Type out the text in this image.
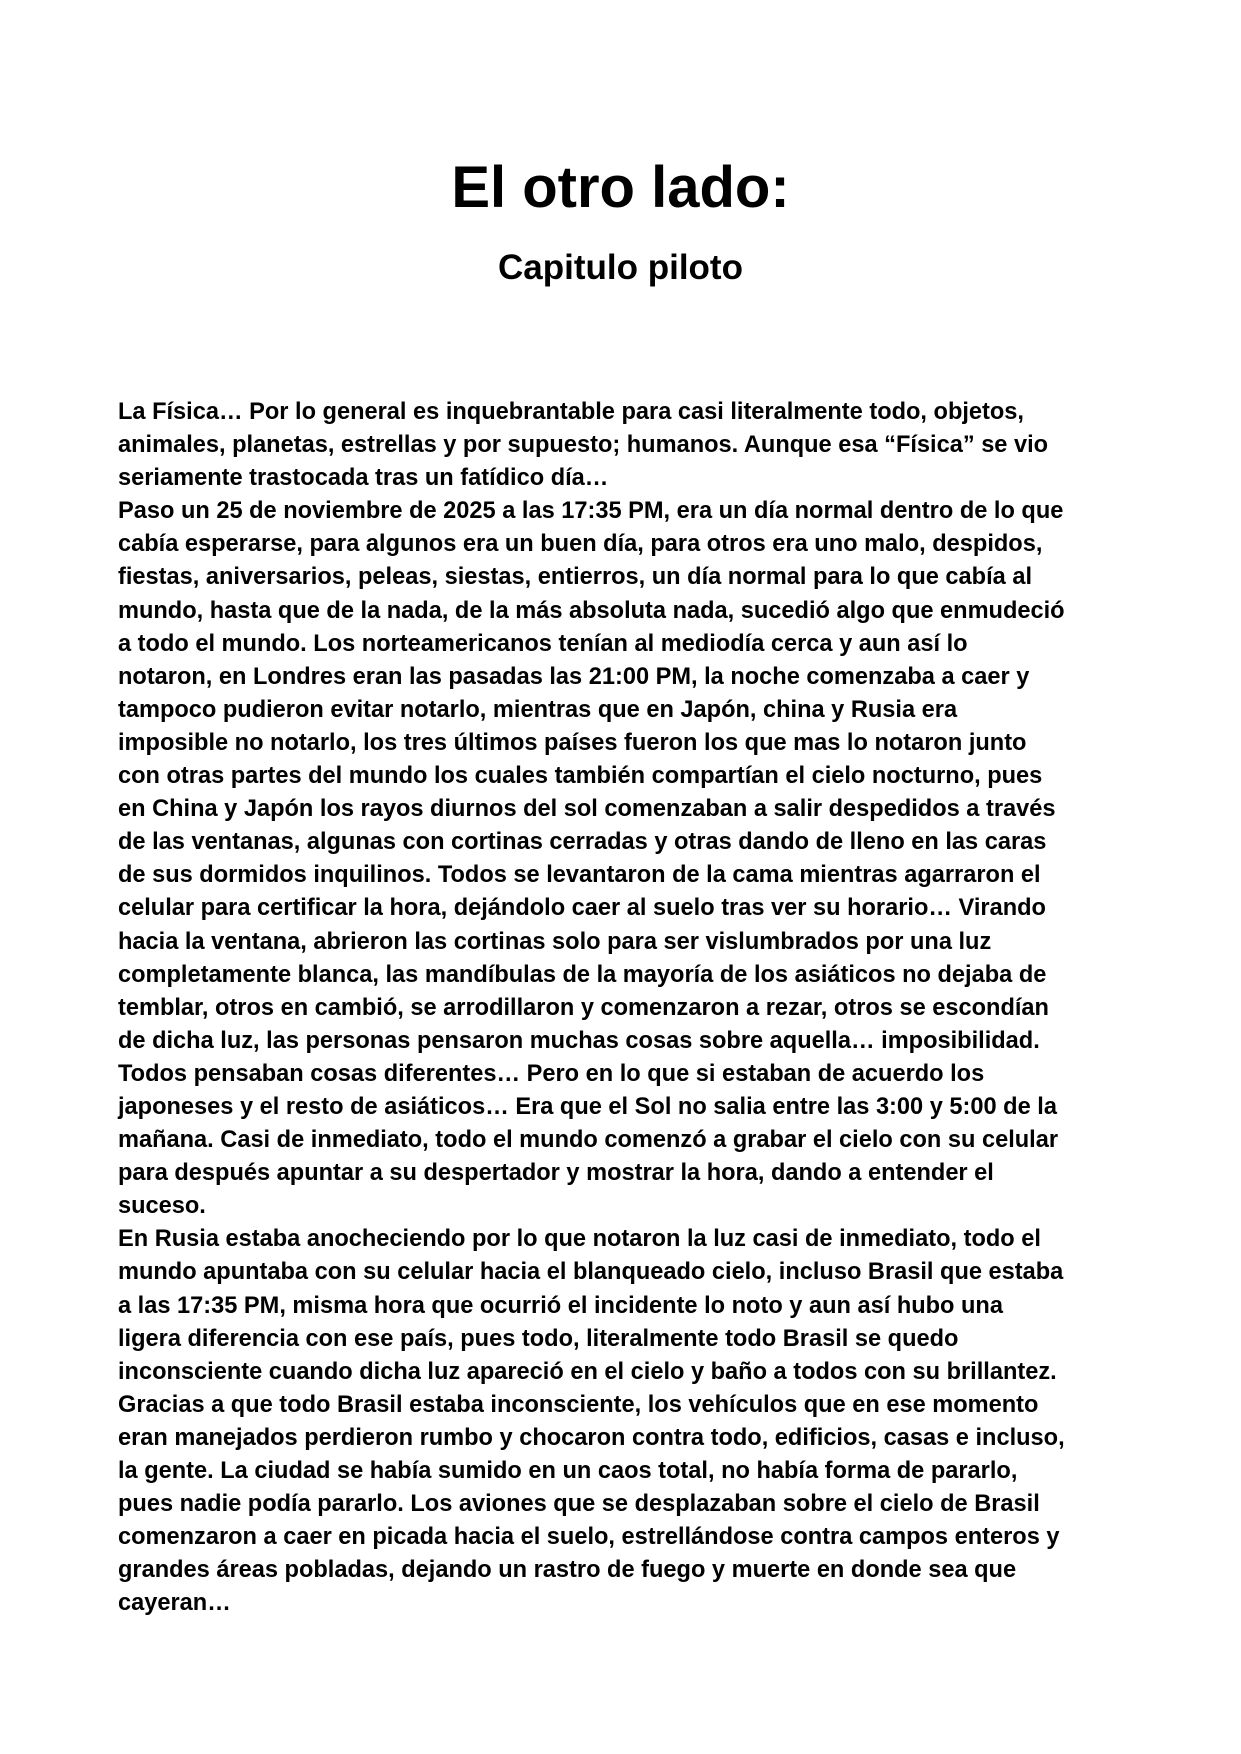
El otro lado:
Capitulo piloto
La Física… Por lo general es inquebrantable para casi literalmente todo, objetos,
animales, planetas, estrellas y por supuesto; humanos. Aunque esa “Física” se vio
seriamente trastocada tras un fatídico día…
Paso un 25 de noviembre de 2025 a las 17:35 PM, era un día normal dentro de lo que
cabía esperarse, para algunos era un buen día, para otros era uno malo, despidos,
fiestas, aniversarios, peleas, siestas, entierros, un día normal para lo que cabía al
mundo, hasta que de la nada, de la más absoluta nada, sucedió algo que enmudeció
a todo el mundo. Los norteamericanos tenían al mediodía cerca y aun así lo
notaron, en Londres eran las pasadas las 21:00 PM, la noche comenzaba a caer y
tampoco pudieron evitar notarlo, mientras que en Japón, china y Rusia era
imposible no notarlo, los tres últimos países fueron los que mas lo notaron junto
con otras partes del mundo los cuales también compartían el cielo nocturno, pues
en China y Japón los rayos diurnos del sol comenzaban a salir despedidos a través
de las ventanas, algunas con cortinas cerradas y otras dando de lleno en las caras
de sus dormidos inquilinos. Todos se levantaron de la cama mientras agarraron el
celular para certificar la hora, dejándolo caer al suelo tras ver su horario… Virando
hacia la ventana, abrieron las cortinas solo para ser vislumbrados por una luz
completamente blanca, las mandíbulas de la mayoría de los asiáticos no dejaba de
temblar, otros en cambió, se arrodillaron y comenzaron a rezar, otros se escondían
de dicha luz, las personas pensaron muchas cosas sobre aquella… imposibilidad.
Todos pensaban cosas diferentes… Pero en lo que si estaban de acuerdo los
japoneses y el resto de asiáticos… Era que el Sol no salia entre las 3:00 y 5:00 de la
mañana. Casi de inmediato, todo el mundo comenzó a grabar el cielo con su celular
para después apuntar a su despertador y mostrar la hora, dando a entender el
suceso.
En Rusia estaba anocheciendo por lo que notaron la luz casi de inmediato, todo el
mundo apuntaba con su celular hacia el blanqueado cielo, incluso Brasil que estaba
a las 17:35 PM, misma hora que ocurrió el incidente lo noto y aun así hubo una
ligera diferencia con ese país, pues todo, literalmente todo Brasil se quedo
inconsciente cuando dicha luz apareció en el cielo y baño a todos con su brillantez.
Gracias a que todo Brasil estaba inconsciente, los vehículos que en ese momento
eran manejados perdieron rumbo y chocaron contra todo, edificios, casas e incluso,
la gente. La ciudad se había sumido en un caos total, no había forma de pararlo,
pues nadie podía pararlo. Los aviones que se desplazaban sobre el cielo de Brasil
comenzaron a caer en picada hacia el suelo, estrellándose contra campos enteros y
grandes áreas pobladas, dejando un rastro de fuego y muerte en donde sea que
cayeran…
